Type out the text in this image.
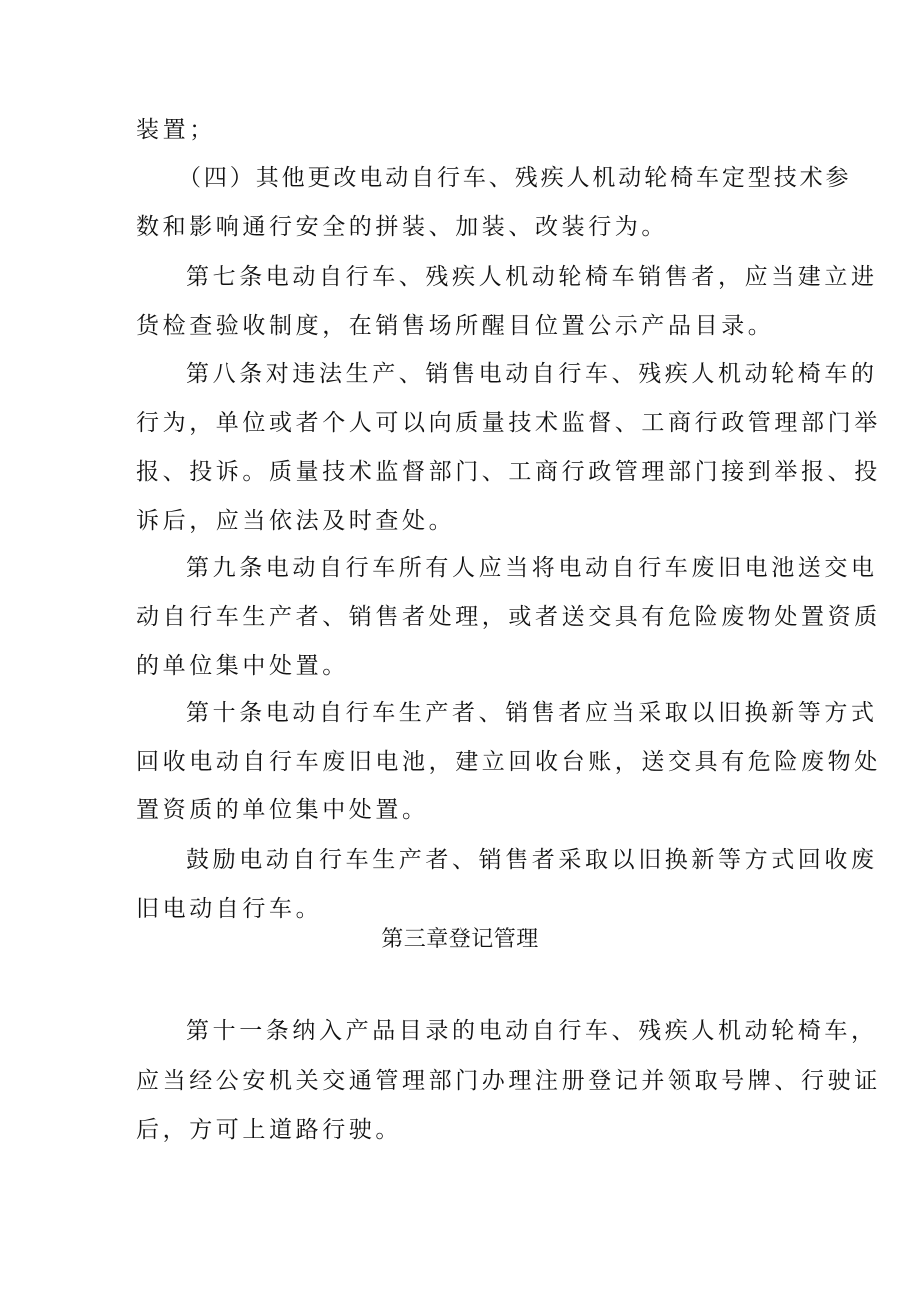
装置；
（四）其他更改电动自行车、残疾人机动轮椅车定型技术参
数和影响通行安全的拼装、加装、改装行为。
第七条电动自行车、残疾人机动轮椅车销售者，应当建立进
货检查验收制度，在销售场所醒目位置公示产品目录。
第八条对违法生产、销售电动自行车、残疾人机动轮椅车的
行为，单位或者个人可以向质量技术监督、工商行政管理部门举
报、投诉。质量技术监督部门、工商行政管理部门接到举报、投
诉后，应当依法及时查处。
第九条电动自行车所有人应当将电动自行车废旧电池送交电
动自行车生产者、销售者处理，或者送交具有危险废物处置资质
的单位集中处置。
第十条电动自行车生产者、销售者应当采取以旧换新等方式
回收电动自行车废旧电池，建立回收台账，送交具有危险废物处
置资质的单位集中处置。
鼓励电动自行车生产者、销售者采取以旧换新等方式回收废
旧电动自行车。
第三章登记管理
第十一条纳入产品目录的电动自行车、残疾人机动轮椅车，
应当经公安机关交通管理部门办理注册登记并领取号牌、行驶证
后，方可上道路行驶。
